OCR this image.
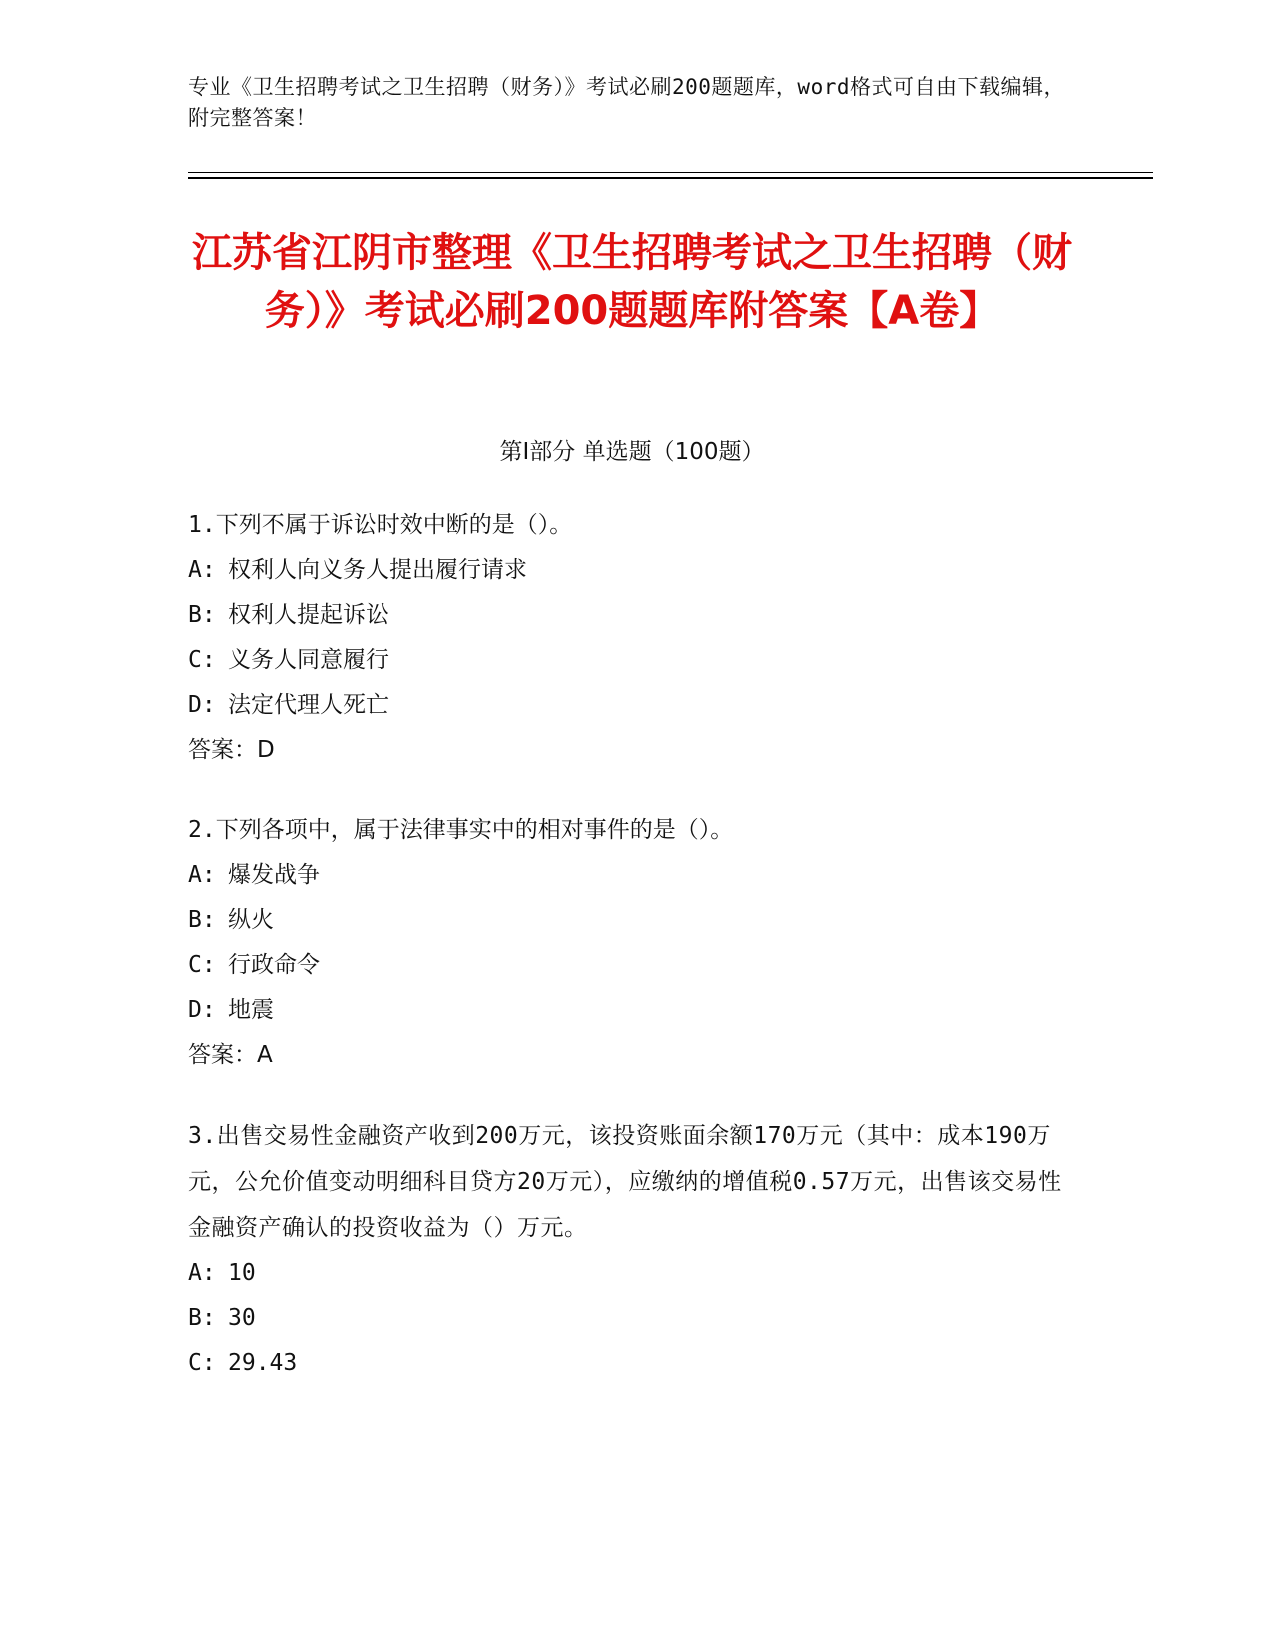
专业《卫生招聘考试之卫生招聘（财务）》考试必刷200题题库，word格式可自由下载编辑，附完整答案！
江苏省江阴市整理《卫生招聘考试之卫生招聘（财务）》考试必刷200题题库附答案【A卷】
第I部分 单选题（100题）
1.下列不属于诉讼时效中断的是（）。
A: 权利人向义务人提出履行请求
B: 权利人提起诉讼
C: 义务人同意履行
D: 法定代理人死亡
答案：D
2.下列各项中，属于法律事实中的相对事件的是（）。
A: 爆发战争
B: 纵火
C: 行政命令
D: 地震
答案：A
3.出售交易性金融资产收到200万元，该投资账面余额170万元（其中：成本190万元，公允价值变动明细科目贷方20万元），应缴纳的增值税0.57万元，出售该交易性金融资产确认的投资收益为（）万元。
A: 10
B: 30
C: 29.43
